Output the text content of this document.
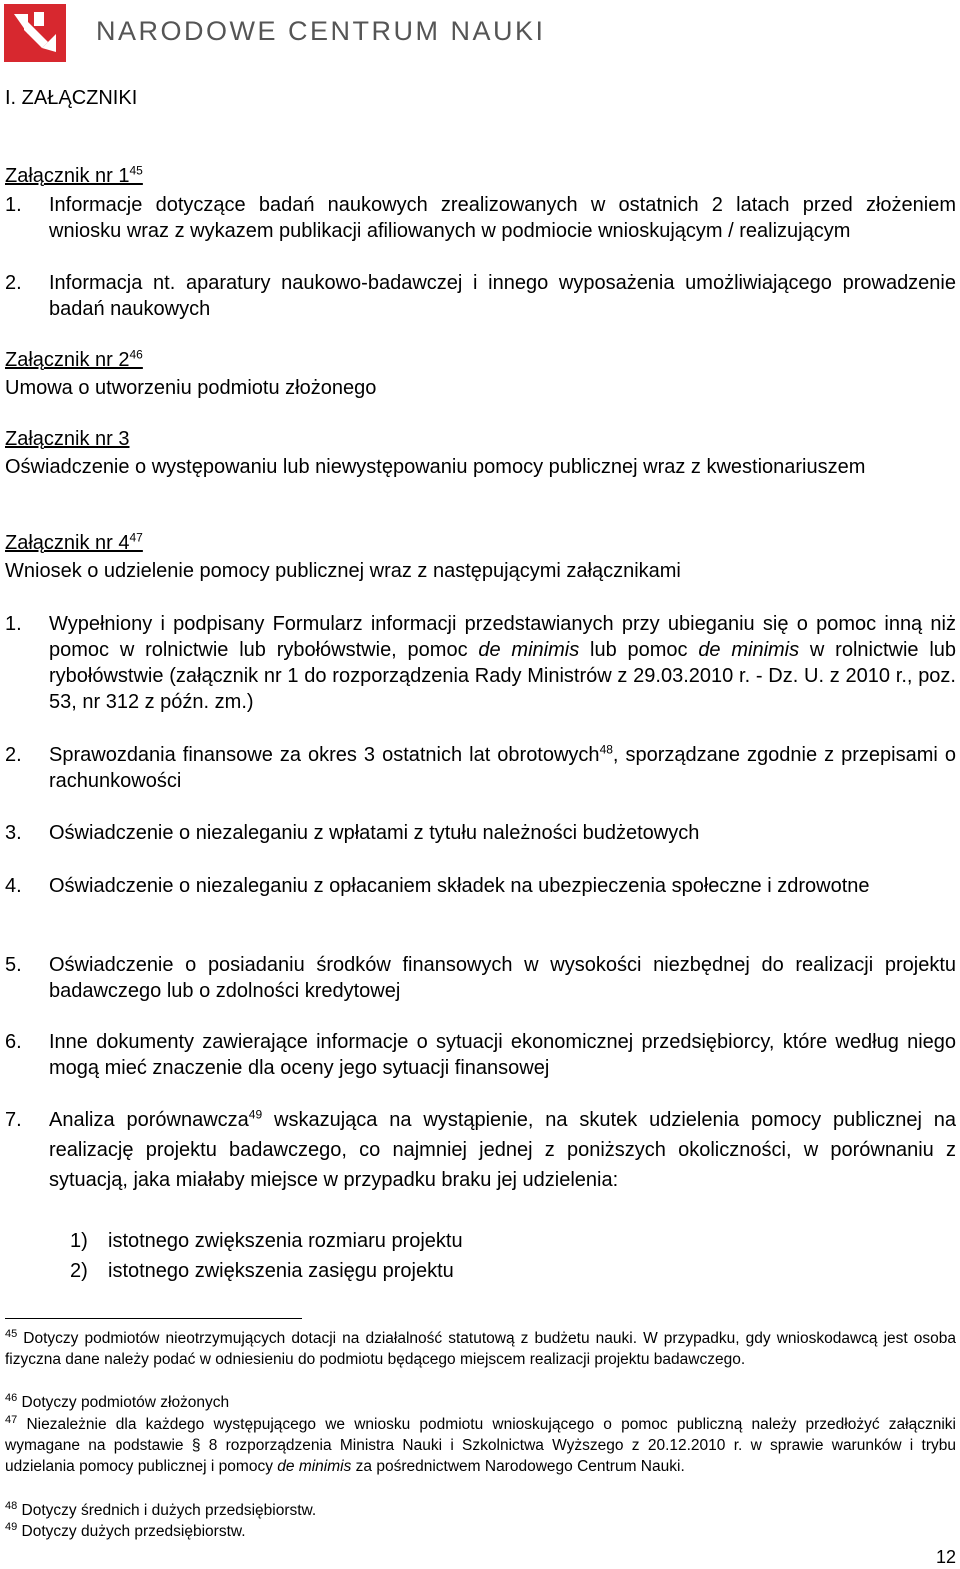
NARODOWE CENTRUM NAUKI
I. ZAŁĄCZNIKI
Załącznik nr $1^{45}$
1. Informacje dotyczące badań naukowych zrealizowanych w ostatnich 2 latach przed złożeniem wniosku wraz z wykazem publikacji afiliowanych w podmiocie wnioskującym / realizującym
2. Informacja nt. aparatury naukowo-badawczej i innego wyposażenia umożliwiającego prowadzenie badań naukowych
Załącznik nr $2^{46}$
Umowa o utworzeniu podmiotu złożonego
Załącznik nr 3
Oświadczenie o występowaniu lub niewystępowaniu pomocy publicznej wraz z kwestionariuszem
Załącznik nr $4^{47}$
Wniosek o udzielenie pomocy publicznej wraz z następującymi załącznikami
1. Wypełniony i podpisany Formularz informacji przedstawianych przy ubieganiu się o pomoc inną niż pomoc w rolnictwie lub rybołówstwie, pomoc de minimis lub pomoc de minimis w rolnictwie lub rybołówstwie (załącznik nr 1 do rozporządzenia Rady Ministrów z 29.03.2010 r. - Dz. U. z 2010 r., poz. 53, nr 312 z późn. zm.)
2. Sprawozdania finansowe za okres 3 ostatnich lat obrotowych$^{48}$, sporządzane zgodnie z przepisami o rachunkowości
3. Oświadczenie o niezaleganiu z wpłatami z tytułu należności budżetowych
4. Oświadczenie o niezaleganiu z opłacaniem składek na ubezpieczenia społeczne i zdrowotne
5. Oświadczenie o posiadaniu środków finansowych w wysokości niezbędnej do realizacji projektu badawczego lub o zdolności kredytowej
6. Inne dokumenty zawierające informacje o sytuacji ekonomicznej przedsiębiorcy, które według niego mogą mieć znaczenie dla oceny jego sytuacji finansowej
7. Analiza porównawcza$^{49}$ wskazująca na wystąpienie, na skutek udzielenia pomocy publicznej na realizację projektu badawczego, co najmniej jednej z poniższych okoliczności, w porównaniu z sytuacją, jaka miałaby miejsce w przypadku braku jej udzielenia:
1) istotnego zwiększenia rozmiaru projektu
2) istotnego zwiększenia zasięgu projektu
$^{45}$ Dotyczy podmiotów nieotrzymujących dotacji na działalność statutową z budżetu nauki. W przypadku, gdy wnioskodawcą jest osoba fizyczna dane należy podać w odniesieniu do podmiotu będącego miejscem realizacji projektu badawczego.
$^{46}$ Dotyczy podmiotów złożonych
$^{47}$ Niezależnie dla każdego występującego we wniosku podmiotu wnioskującego o pomoc publiczną należy przedłożyć załączniki wymagane na podstawie § 8 rozporządzenia Ministra Nauki i Szkolnictwa Wyższego z 20.12.2010 r. w sprawie warunków i trybu udzielania pomocy publicznej i pomocy de minimis za pośrednictwem Narodowego Centrum Nauki.
$^{48}$ Dotyczy średnich i dużych przedsiębiorstw.
$^{49}$ Dotyczy dużych przedsiębiorstw.
12
